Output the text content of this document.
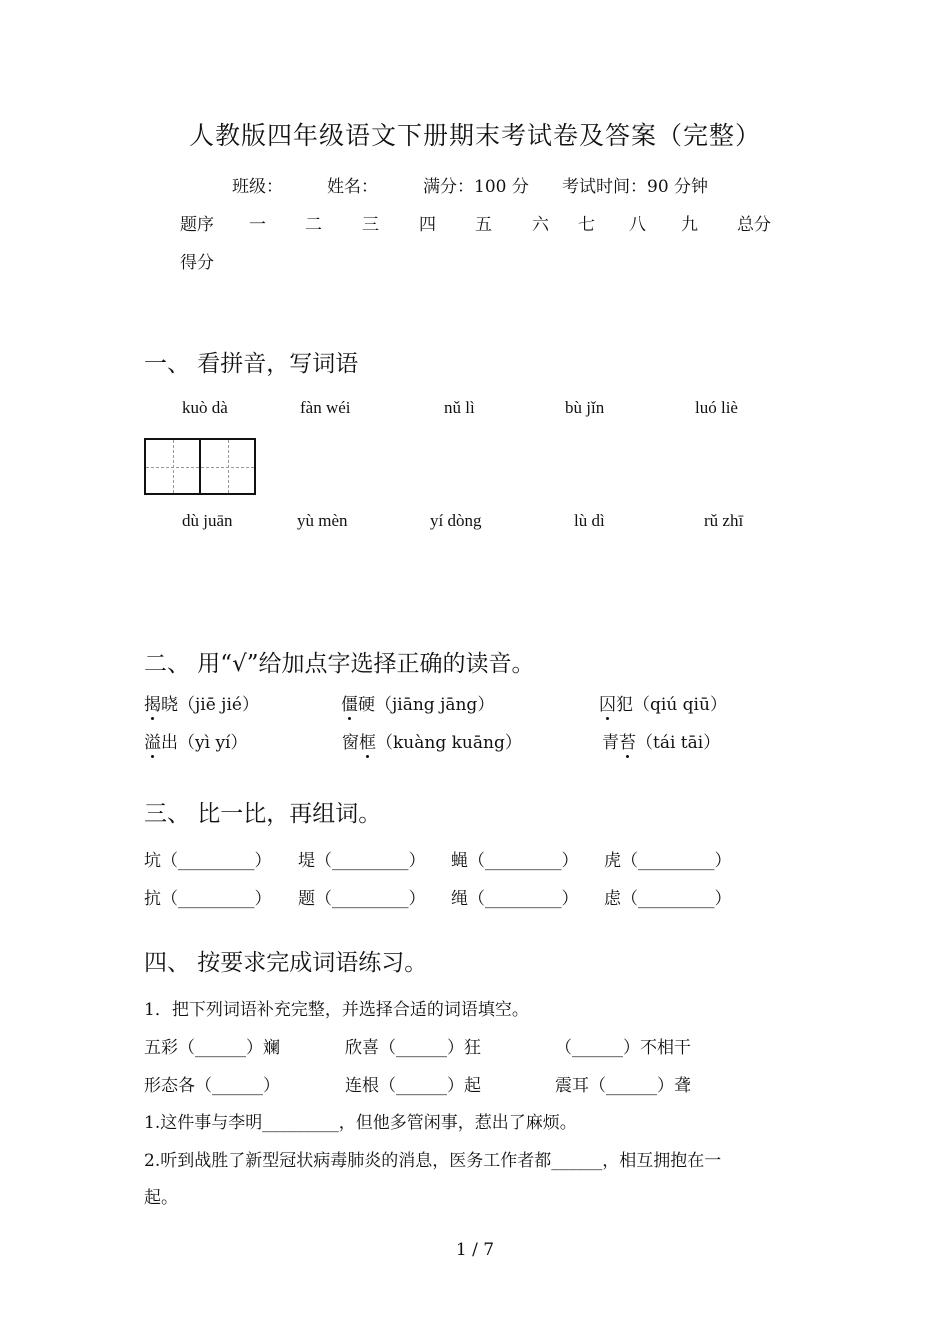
人教版四年级语文下册期末考试卷及答案（完整）
班级：	姓名：	满分：100 分 考试时间：90 分钟
题序 一 二 三 四 五 六 七 八 九 总分
得分
一、 看拼音，写词语
kuò dà	fàn wéi	nǔ lì	bù jǐn	luó liè
dù juān	yù mèn	yí dòng	lù dì	rǔ zhī
二、 用“√”给加点字选择正确的读音。
揭晓（jiē jié）	僵硬（jiāng jāng）	囚犯（qiú qiū）
溢出（yì yí）	窗框（kuàng kuāng）	青苔（tái tāi）
三、 比一比，再组词。
坑（_________） 堤（_________） 蝇（_________） 虎（_________）
抗（_________） 题（_________） 绳（_________） 虑（_________）
四、 按要求完成词语练习。
1．把下列词语补充完整，并选择合适的词语填空。
五彩（______）斓	欣喜（______）狂	（______）不相干
形态各（______）	连根（______）起	震耳（______）聋
1.这件事与李明_________，但他多管闲事，惹出了麻烦。
2.听到战胜了新型冠状病毒肺炎的消息，医务工作者都______，相互拥抱在一
起。
1 / 7
